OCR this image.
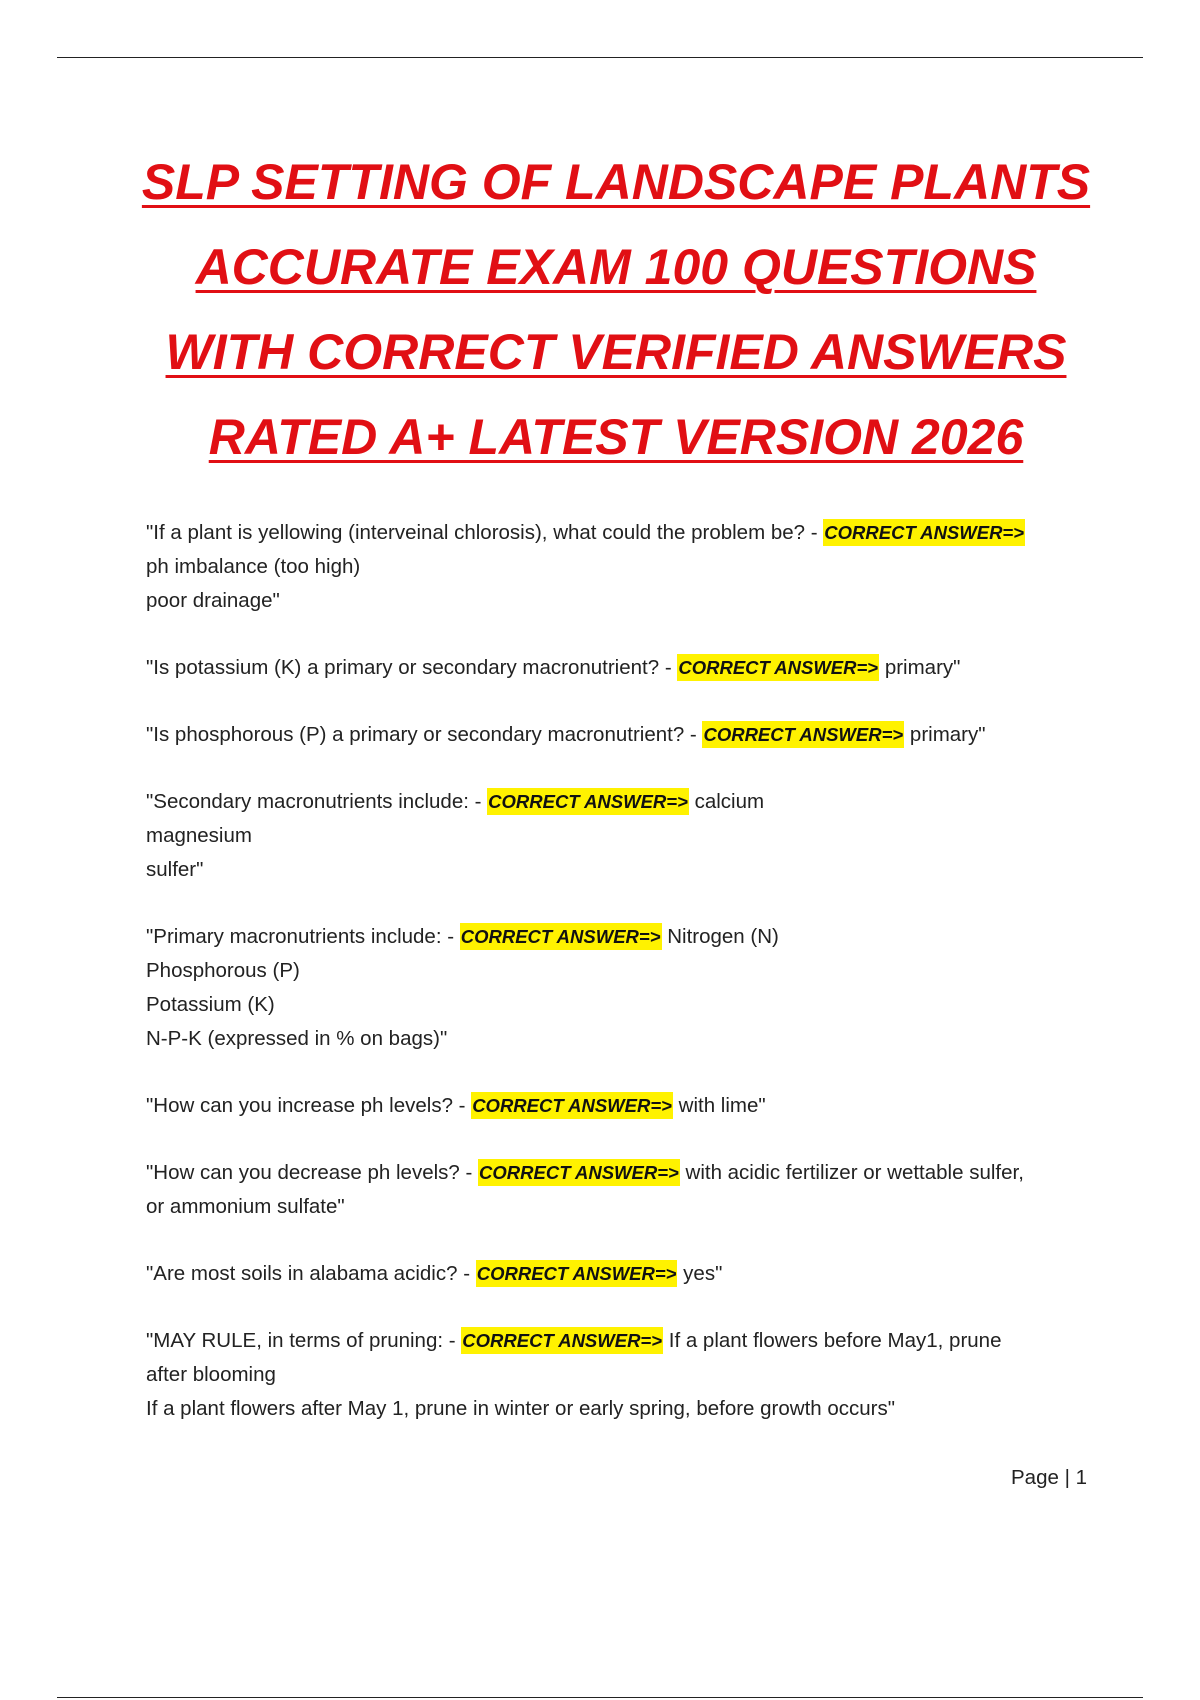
SLP SETTING OF LANDSCAPE PLANTS
ACCURATE EXAM 100 QUESTIONS
WITH CORRECT VERIFIED ANSWERS
RATED A+ LATEST VERSION 2026
"If a plant is yellowing (interveinal chlorosis), what could the problem be? - CORRECT ANSWER=>
ph imbalance (too high)
poor drainage"
"Is potassium (K) a primary or secondary macronutrient? - CORRECT ANSWER=> primary"
"Is phosphorous (P) a primary or secondary macronutrient? - CORRECT ANSWER=> primary"
"Secondary macronutrients include: - CORRECT ANSWER=> calcium
magnesium
sulfer"
"Primary macronutrients include: - CORRECT ANSWER=> Nitrogen (N)
Phosphorous (P)
Potassium (K)
N-P-K (expressed in % on bags)"
"How can you increase ph levels? - CORRECT ANSWER=> with lime"
"How can you decrease ph levels? - CORRECT ANSWER=> with acidic fertilizer or wettable sulfer,
or ammonium sulfate"
"Are most soils in alabama acidic? - CORRECT ANSWER=> yes"
"MAY RULE, in terms of pruning: - CORRECT ANSWER=> If a plant flowers before May1, prune
after blooming
If a plant flowers after May 1, prune in winter or early spring, before growth occurs"
Page | 1
